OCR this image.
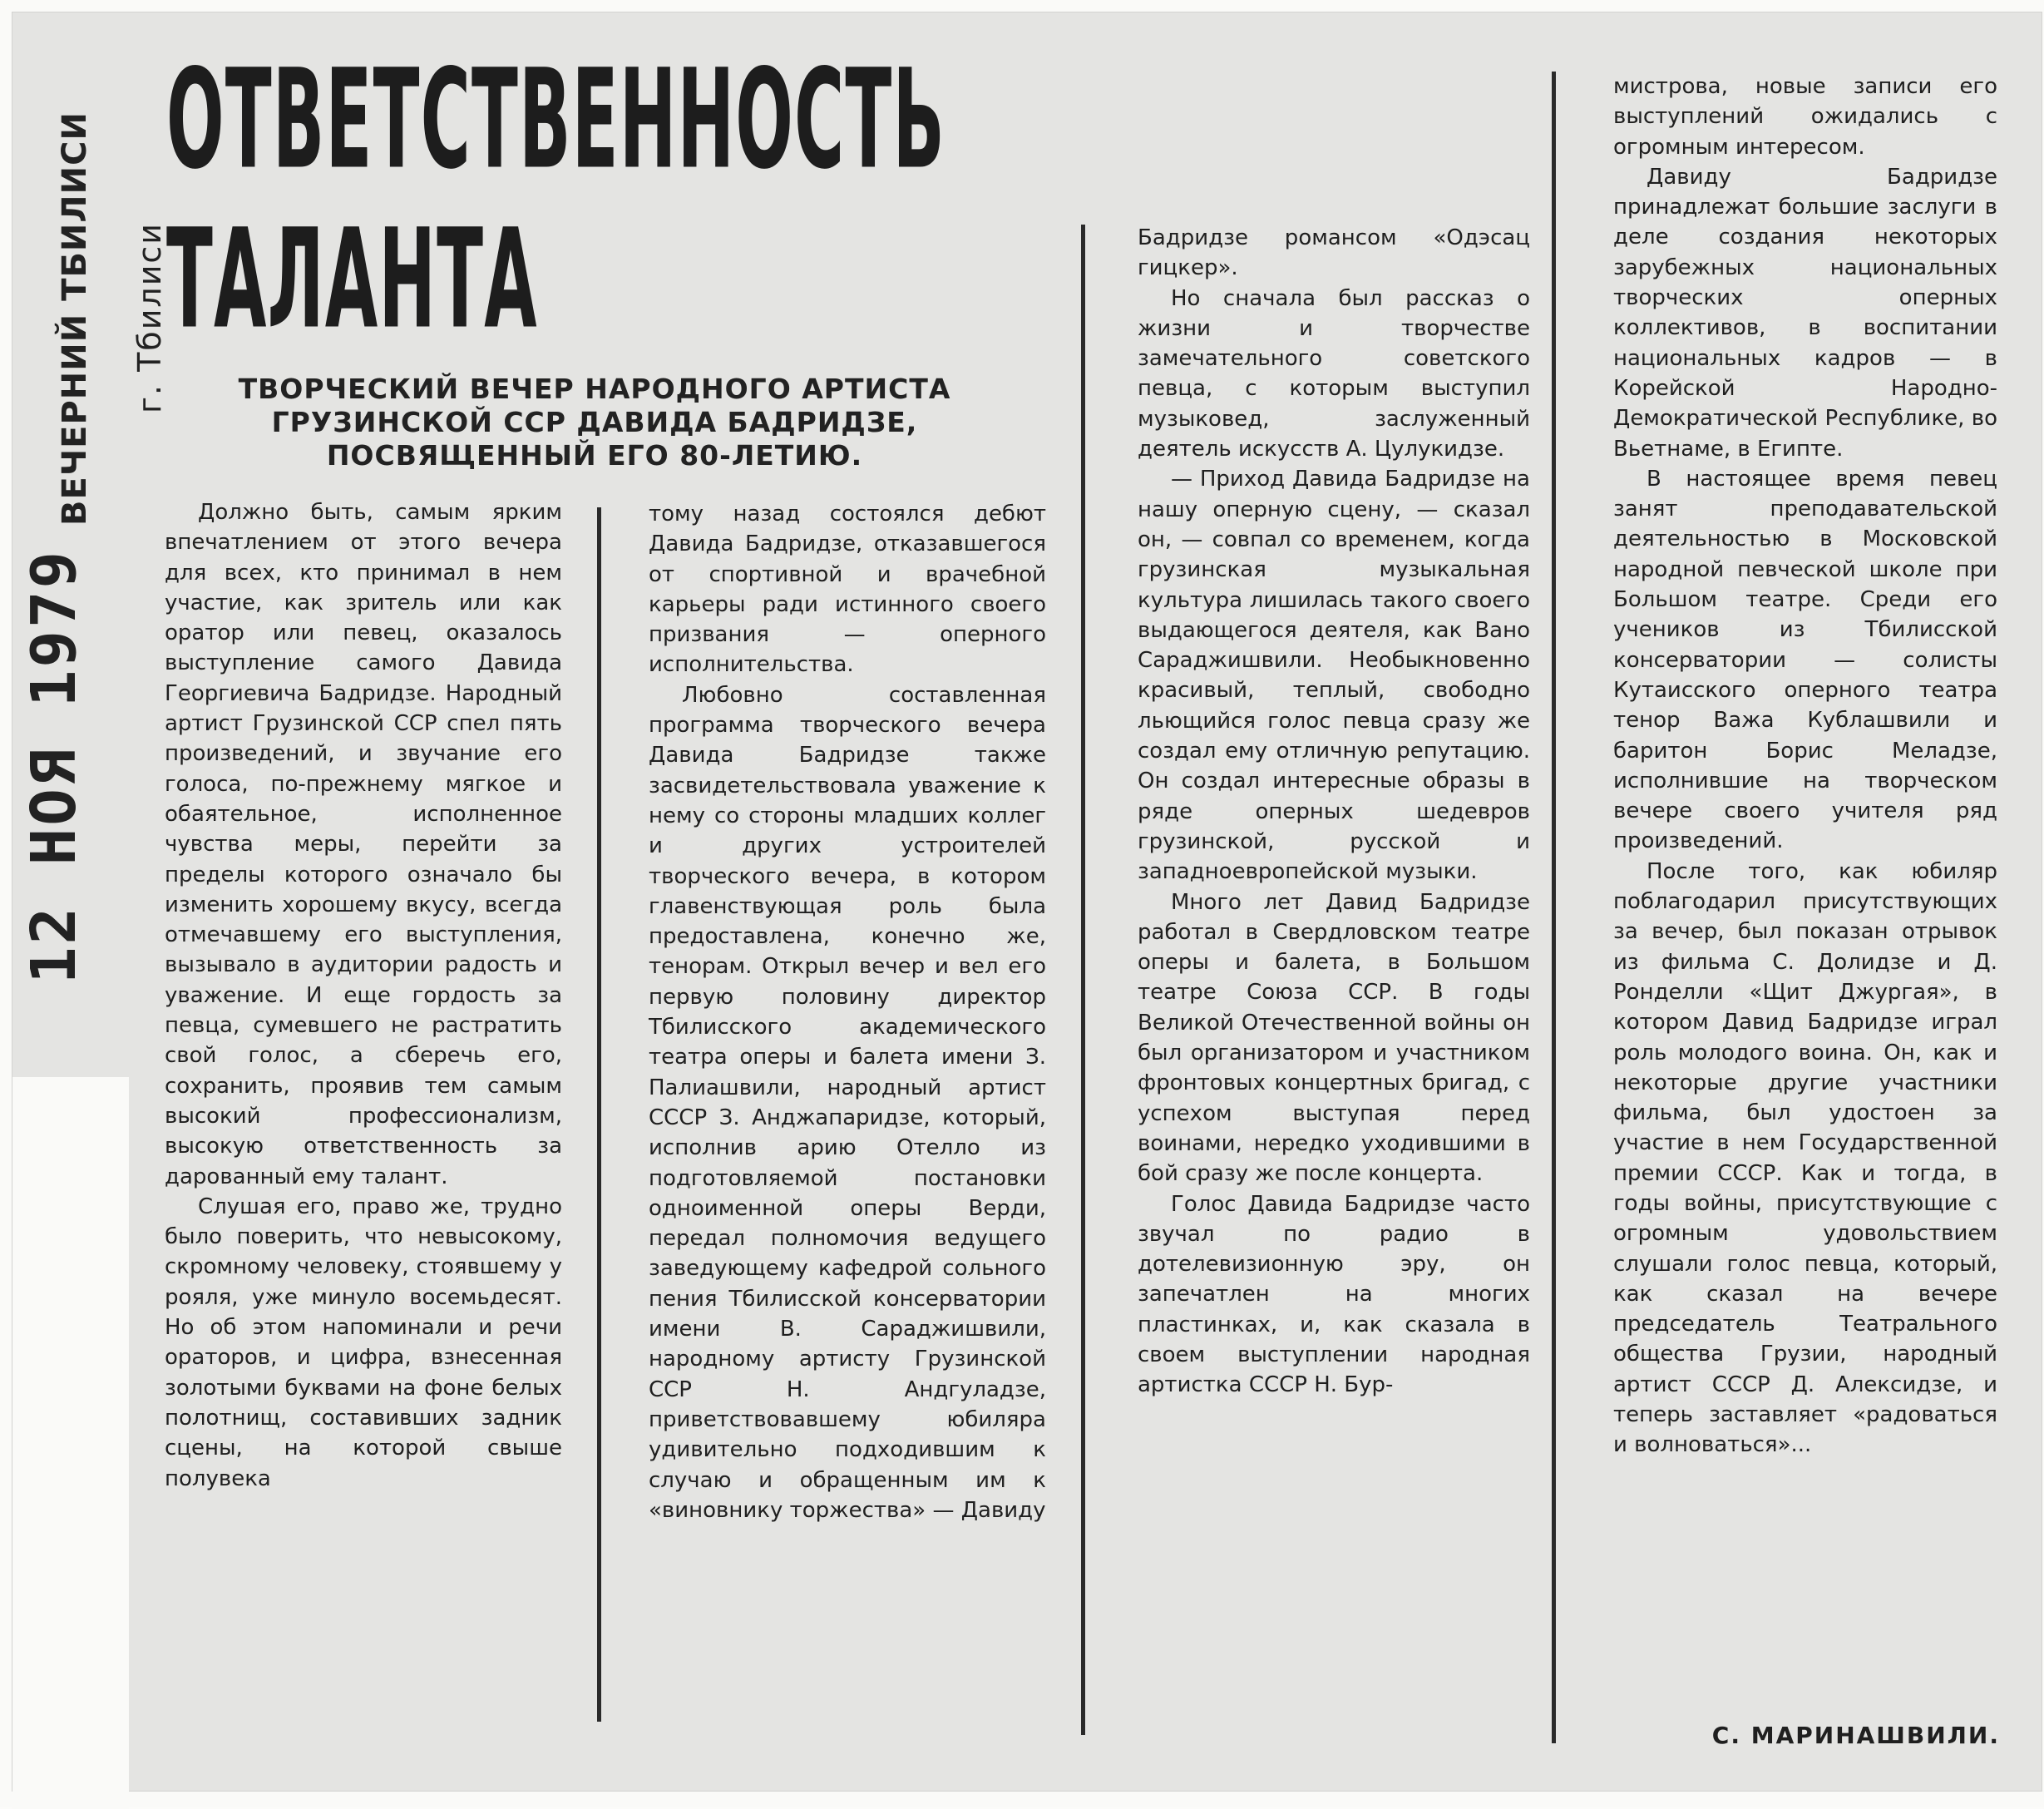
ВЕЧЕРНИЙ ТБИЛИСИ г. Тбилиси
12 НОЯ 1979
ОТВЕТСТВЕННОСТЬ
ТАЛАНТА
ТВОРЧЕСКИЙ ВЕЧЕР НАРОДНОГО АРТИСТА
ГРУЗИНСКОЙ ССР ДАВИДА БАДРИДЗЕ,
ПОСВЯЩЕННЫЙ ЕГО 80-ЛЕТИЮ.

Должно быть, самым ярким впечатлением от этого вечера для всех, кто принимал в нем участие, как зритель или как оратор или певец, оказалось выступление самого Давида Георгиевича Бадридзе. Народный артист Грузинской ССР спел пять произведений, и звучание его голоса, по-прежнему мягкое и обаятельное, исполненное чувства меры, перейти за пределы которого означало бы изменить хорошему вкусу, всегда отмечавшему его выступления, вызывало в аудитории радость и уважение. И еще гордость за певца, сумевшего не растратить свой голос, а сберечь его, сохранить, проявив тем самым высокий профессионализм, высокую ответственность за дарованный ему талант.

Слушая его, право же, трудно было поверить, что невысокому, скромному человеку, стоявшему у рояля, уже минуло восемьдесят. Но об этом напоминали и речи ораторов, и цифра, взнесенная золотыми буквами на фоне белых полотнищ, составивших задник сцены, на которой свыше полувека

тому назад состоялся дебют Давида Бадридзе, отказавшегося от спортивной и врачебной карьеры ради истинного своего призвания — оперного исполнительства.

Любовно составленная программа творческого вечера Давида Бадридзе также засвидетельствовала уважение к нему со стороны младших коллег и других устроителей творческого вечера, в котором главенствующая роль была предоставлена, конечно же, тенорам. Открыл вечер и вел его первую половину директор Тбилисского академического театра оперы и балета имени З. Палиашвили, народный артист СССР З. Анджапаридзе, который, исполнив арию Отелло из подготовляемой постановки одноименной оперы Верди, передал полномочия ведущего заведующему кафедрой сольного пения Тбилисской консерватории имени В. Сараджишвили, народному артисту Грузинской ССР Н. Андгуладзе, приветствовавшему юбиляра удивительно подходившим к случаю и обращенным им к «виновнику торжества» — Давиду

Бадридзе романсом «Одэсац гицкер».

Но сначала был рассказ о жизни и творчестве замечательного советского певца, с которым выступил музыковед, заслуженный деятель искусств А. Цулукидзе.

— Приход Давида Бадридзе на нашу оперную сцену, — сказал он, — совпал со временем, когда грузинская музыкальная культура лишилась такого своего выдающегося деятеля, как Вано Сараджишвили. Необыкновенно красивый, теплый, свободно льющийся голос певца сразу же создал ему отличную репутацию. Он создал интересные образы в ряде оперных шедевров грузинской, русской и западноевропейской музыки.

Много лет Давид Бадридзе работал в Свердловском театре оперы и балета, в Большом театре Союза ССР. В годы Великой Отечественной войны он был организатором и участником фронтовых концертных бригад, с успехом выступая перед воинами, нередко уходившими в бой сразу же после концерта.

Голос Давида Бадридзе часто звучал по радио в дотелевизионную эру, он запечатлен на многих пластинках, и, как сказала в своем выступлении народная артистка СССР Н. Бур-

мистрова, новые записи его выступлений ожидались с огромным интересом.

Давиду Бадридзе принадлежат большие заслуги в деле создания некоторых зарубежных национальных творческих оперных коллективов, в воспитании национальных кадров — в Корейской Народно-Демократической Республике, во Вьетнаме, в Египте.

В настоящее время певец занят преподавательской деятельностью в Московской народной певческой школе при Большом театре. Среди его учеников из Тбилисской консерватории — солисты Кутаисского оперного театра тенор Важа Кублашвили и баритон Борис Меладзе, исполнившие на творческом вечере своего учителя ряд произведений.

После того, как юбиляр поблагодарил присутствующих за вечер, был показан отрывок из фильма С. Долидзе и Д. Ронделли «Щит Джургая», в котором Давид Бадридзе играл роль молодого воина. Он, как и некоторые другие участники фильма, был удостоен за участие в нем Государственной премии СССР. Как и тогда, в годы войны, присутствующие с огромным удовольствием слушали голос певца, который, как сказал на вечере председатель Театрального общества Грузии, народный артист СССР Д. Алексидзе, и теперь заставляет «радоваться и волноваться»...

С. МАРИНАШВИЛИ.
